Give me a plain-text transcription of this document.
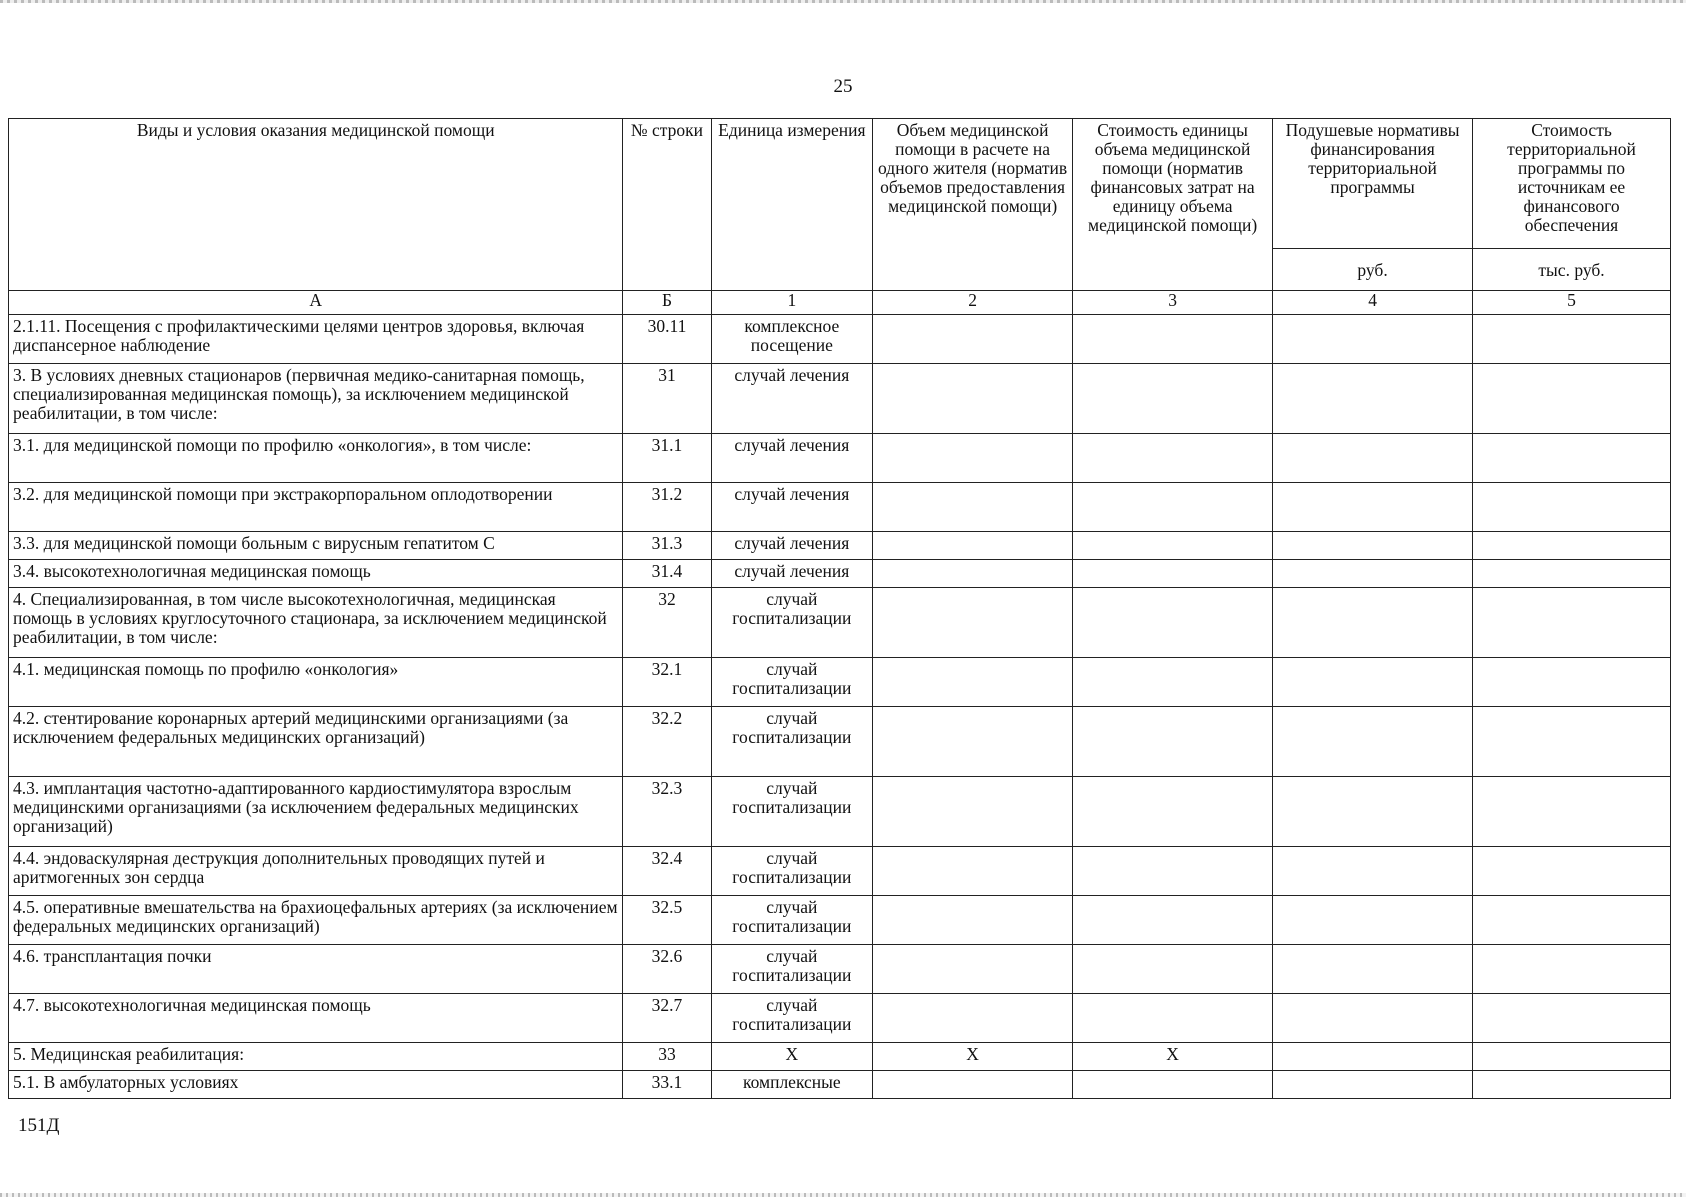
25
Виды и условия оказания медицинской помощи	№ строки	Единица измерения	Объем медицинской помощи в расчете на одного жителя (норматив объемов предоставления медицинской помощи)	Стоимость единицы объема медицинской помощи (норматив финансовых затрат на единицу объема медицинской помощи)	Подушевые нормативы финансирования территориальной программы	Стоимость территориальной программы по источникам ее финансового обеспечения
					руб.	тыс. руб.
А	Б	1	2	3	4	5
2.1.11. Посещения с профилактическими целями центров здоровья, включая диспансерное наблюдение	30.11	комплексное посещение				
3. В условиях дневных стационаров (первичная медико-санитарная помощь, специализированная медицинская помощь), за исключением медицинской реабилитации, в том числе:	31	случай лечения				
3.1. для медицинской помощи по профилю «онкология», в том числе:	31.1	случай лечения				
3.2. для медицинской помощи при экстракорпоральном оплодотворении	31.2	случай лечения				
3.3. для медицинской помощи больным с вирусным гепатитом С	31.3	случай лечения				
3.4. высокотехнологичная медицинская помощь	31.4	случай лечения				
4. Специализированная, в том числе высокотехнологичная, медицинская помощь в условиях круглосуточного стационара, за исключением медицинской реабилитации, в том числе:	32	случай госпитализации				
4.1. медицинская помощь по профилю «онкология»	32.1	случай госпитализации				
4.2. стентирование коронарных артерий медицинскими организациями (за исключением федеральных медицинских организаций)	32.2	случай госпитализации				
4.3. имплантация частотно-адаптированного кардиостимулятора взрослым медицинскими организациями (за исключением федеральных медицинских организаций)	32.3	случай госпитализации				
4.4. эндоваскулярная деструкция дополнительных проводящих путей и аритмогенных зон сердца	32.4	случай госпитализации				
4.5. оперативные вмешательства на брахиоцефальных артериях (за исключением федеральных медицинских организаций)	32.5	случай госпитализации				
4.6. трансплантация почки	32.6	случай госпитализации				
4.7. высокотехнологичная медицинская помощь	32.7	случай госпитализации				
5. Медицинская реабилитация:	33	Х	Х	Х		
5.1. В амбулаторных условиях	33.1	комплексные				
151Д
